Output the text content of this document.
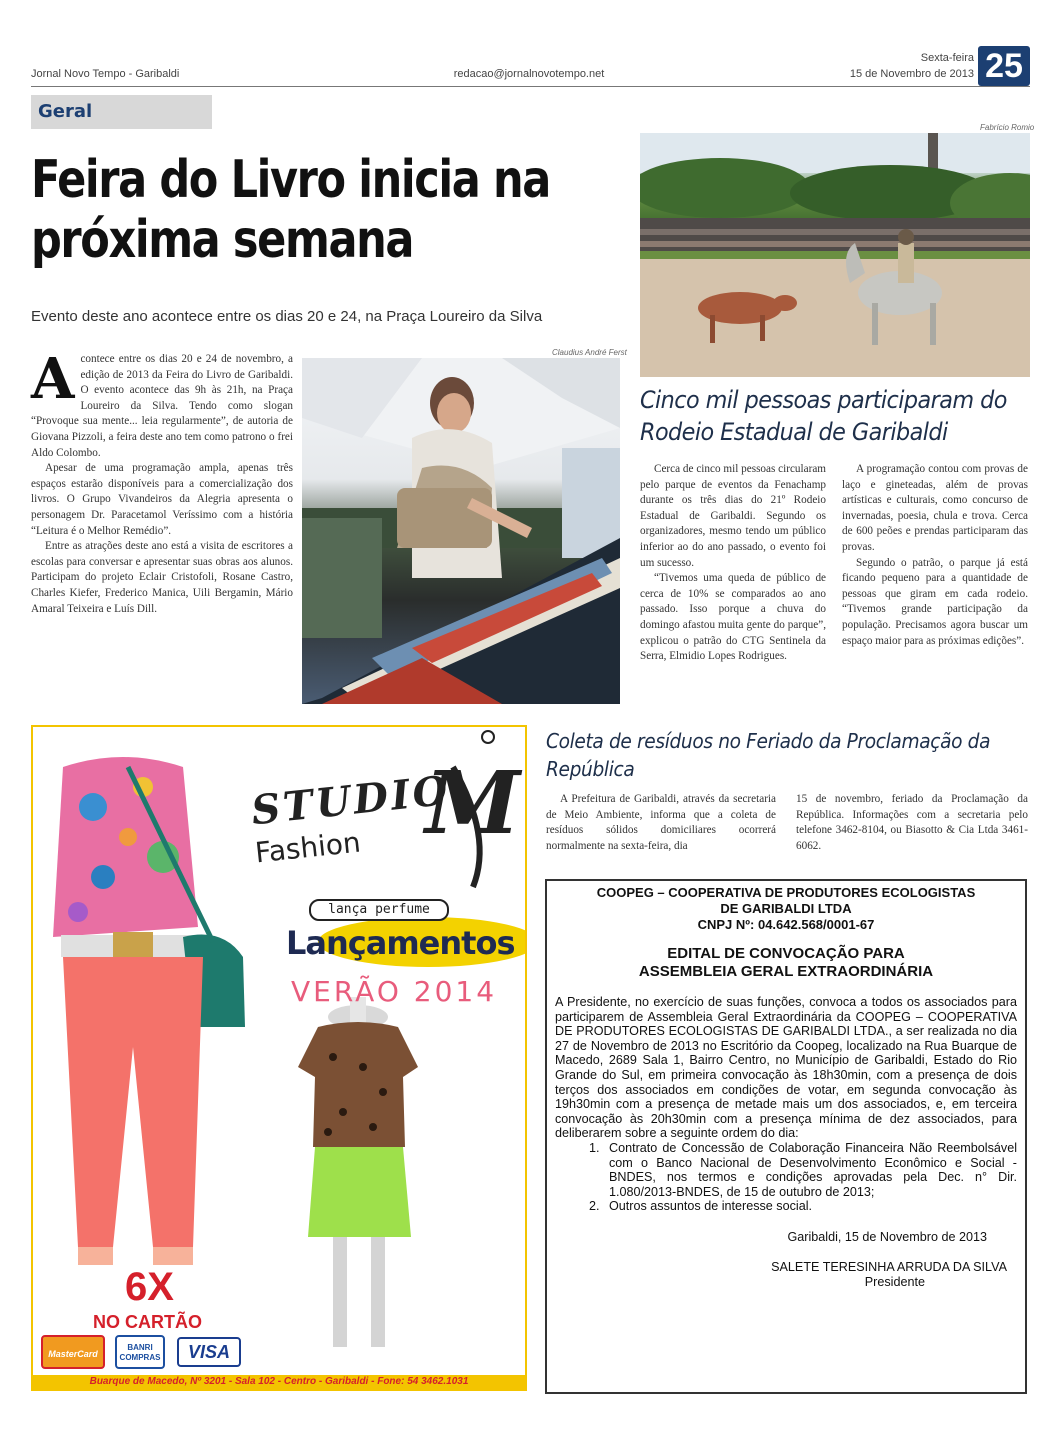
Jornal Novo Tempo - Garibaldi	redacao@jornalnovotempo.net
Sexta-feira
15 de Novembro de 2013 25
Geral
Feira do Livro inicia na próxima semana
Evento deste ano acontece entre os dias 20 e 24, na Praça Loureiro da Silva

Acontece entre os dias 20 e 24 de novembro, a edição de 2013 da Feira do Livro de Garibaldi. O evento acontece das 9h às 21h, na Praça Loureiro da Silva. Tendo como slogan “Provoque sua mente... leia regularmente”, de autoria de Giovana Pizzoli, a feira deste ano tem como patrono o frei Aldo Colombo.

Apesar de uma programação ampla, apenas três espaços estarão disponíveis para a comercialização dos livros. O Grupo Vivandeiros da Alegria apresenta o personagem Dr. Paracetamol Veríssimo com a história “Leitura é o Melhor Remédio”.

Entre as atrações deste ano está a visita de escritores a escolas para conversar e apresentar suas obras aos alunos. Participam do projeto Eclair Cristofoli, Rosane Castro, Charles Kiefer, Frederico Manica, Uili Bergamin, Mário Amaral Teixeira e Luís Dill.

Claudius André Ferst
Fabrício Romio
Cinco mil pessoas participaram do Rodeio Estadual de Garibaldi

Cerca de cinco mil pessoas circularam pelo parque de eventos da Fenachamp durante os três dias do 21º Rodeio Estadual de Garibaldi. Segundo os organizadores, mesmo tendo um público inferior ao do ano passado, o evento foi um sucesso.

“Tivemos uma queda de público de cerca de 10% se comparados ao ano passado. Isso porque a chuva do domingo afastou muita gente do parque”, explicou o patrão do CTG Sentinela da Serra, Elmidio Lopes Rodrigues.

A programação contou com provas de laço e gineteadas, além de provas artísticas e culturais, como concurso de invernadas, poesia, chula e trova. Cerca de 600 peões e prendas participaram das provas.

Segundo o patrão, o parque já está ficando pequeno para a quantidade de pessoas que giram em cada rodeio. “Tivemos grande participação da população. Precisamos agora buscar um espaço maior para as próximas edições”.

Coleta de resíduos no Feriado da Proclamação da República

A Prefeitura de Garibaldi, através da secretaria de Meio Ambiente, informa que a coleta de resíduos sólidos domiciliares ocorrerá normalmente na sexta-feira, dia

15 de novembro, feriado da Proclamação da República. Informações com a secretaria pelo telefone 3462-8104, ou Biasotto & Cia Ltda 3461-6062.

STUDIO
M
Fashion
lança perfume
Lançamentos
VERÃO 2014
6X
NO CARTÃO
MasterCard
BANRI COMPRAS	VISA
Buarque de Macedo, Nº 3201 - Sala 102 - Centro - Garibaldi - Fone: 54 3462.1031
COOPEG – COOPERATIVA DE PRODUTORES ECOLOGISTAS
DE GARIBALDI LTDA
CNPJ Nº: 04.642.568/0001-67
EDITAL DE CONVOCAÇÃO PARA
ASSEMBLEIA GERAL EXTRAORDINÁRIA
A Presidente, no exercício de suas funções, convoca a todos os associados para participarem de Assembleia Geral Extraordinária da COOPEG – COOPERATIVA DE PRODUTORES ECOLOGISTAS DE GARIBALDI LTDA., a ser realizada no dia 27 de Novembro de 2013 no Escritório da Coopeg, localizado na Rua Buarque de Macedo, 2689 Sala 1, Bairro Centro, no Município de Garibaldi, Estado do Rio Grande do Sul, em primeira convocação às 18h30min, com a presença de dois terços dos associados em condições de votar, em segunda convocação às 19h30min com a presença de metade mais um dos associados, e, em terceira convocação às 20h30min com a presença mínima de dez associados, para deliberarem sobre a seguinte ordem do dia:
1. Contrato de Concessão de Colaboração Financeira Não Reembolsável com o Banco Nacional de Desenvolvimento Econômico e Social - BNDES, nos termos e condições aprovadas pela Dec. n° Dir. 1.080/2013-BNDES, de 15 de outubro de 2013;
2. Outros assuntos de interesse social.
Garibaldi, 15 de Novembro de 2013
SALETE TERESINHA ARRUDA DA SILVA
Presidente
